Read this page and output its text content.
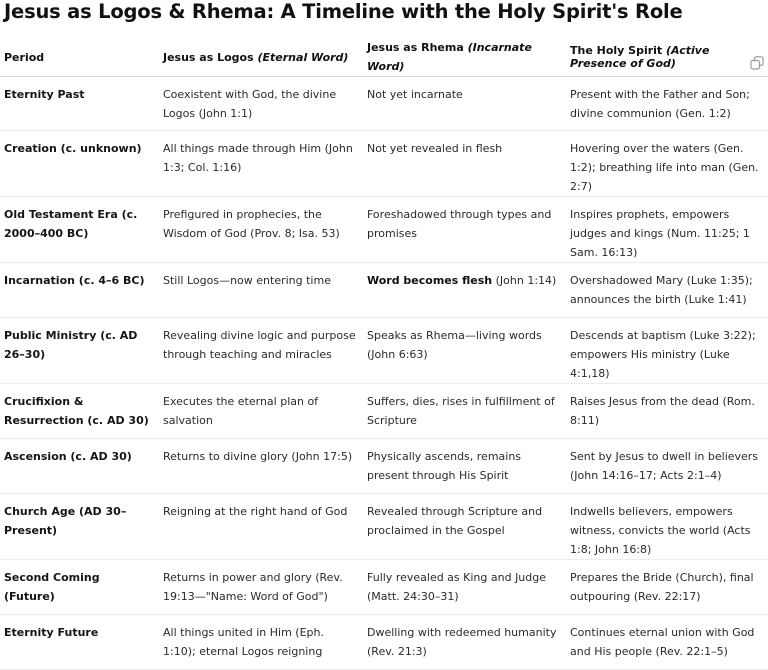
Jesus as Logos & Rhema: A Timeline with the Holy Spirit's Role
Period	Jesus as Logos (Eternal Word)	Jesus as Rhema (Incarnate Word)	The Holy Spirit (Active Presence of God)

Eternity Past	Coexistent with God, the divine Logos (John 1:1)	Not yet incarnate	Present with the Father and Son; divine communion (Gen. 1:2)
Creation (c. unknown)	All things made through Him (John 1:3; Col. 1:16)	Not yet revealed in flesh	Hovering over the waters (Gen. 1:2); breathing life into man (Gen. 2:7)
Old Testament Era (c. 2000–400 BC)	Prefigured in prophecies, the Wisdom of God (Prov. 8; Isa. 53)	Foreshadowed through types and promises	Inspires prophets, empowers judges and kings (Num. 11:25; 1 Sam. 16:13)
Incarnation (c. 4–6 BC)	Still Logos—now entering time	Word becomes flesh (John 1:14)	Overshadowed Mary (Luke 1:35); announces the birth (Luke 1:41)
Public Ministry (c. AD 26–30)	Revealing divine logic and purpose through teaching and miracles	Speaks as Rhema—living words (John 6:63)	Descends at baptism (Luke 3:22); empowers His ministry (Luke 4:1,18)
Crucifixion & Resurrection (c. AD 30)	Executes the eternal plan of salvation	Suffers, dies, rises in fulfillment of Scripture	Raises Jesus from the dead (Rom. 8:11)
Ascension (c. AD 30)	Returns to divine glory (John 17:5)	Physically ascends, remains present through His Spirit	Sent by Jesus to dwell in believers (John 14:16–17; Acts 2:1–4)
Church Age (AD 30–Present)	Reigning at the right hand of God	Revealed through Scripture and proclaimed in the Gospel	Indwells believers, empowers witness, convicts the world (Acts 1:8; John 16:8)
Second Coming (Future)	Returns in power and glory (Rev. 19:13—"Name: Word of God")	Fully revealed as King and Judge (Matt. 24:30–31)	Prepares the Bride (Church), final outpouring (Rev. 22:17)
Eternity Future	All things united in Him (Eph. 1:10); eternal Logos reigning	Dwelling with redeemed humanity (Rev. 21:3)	Continues eternal union with God and His people (Rev. 22:1–5)
